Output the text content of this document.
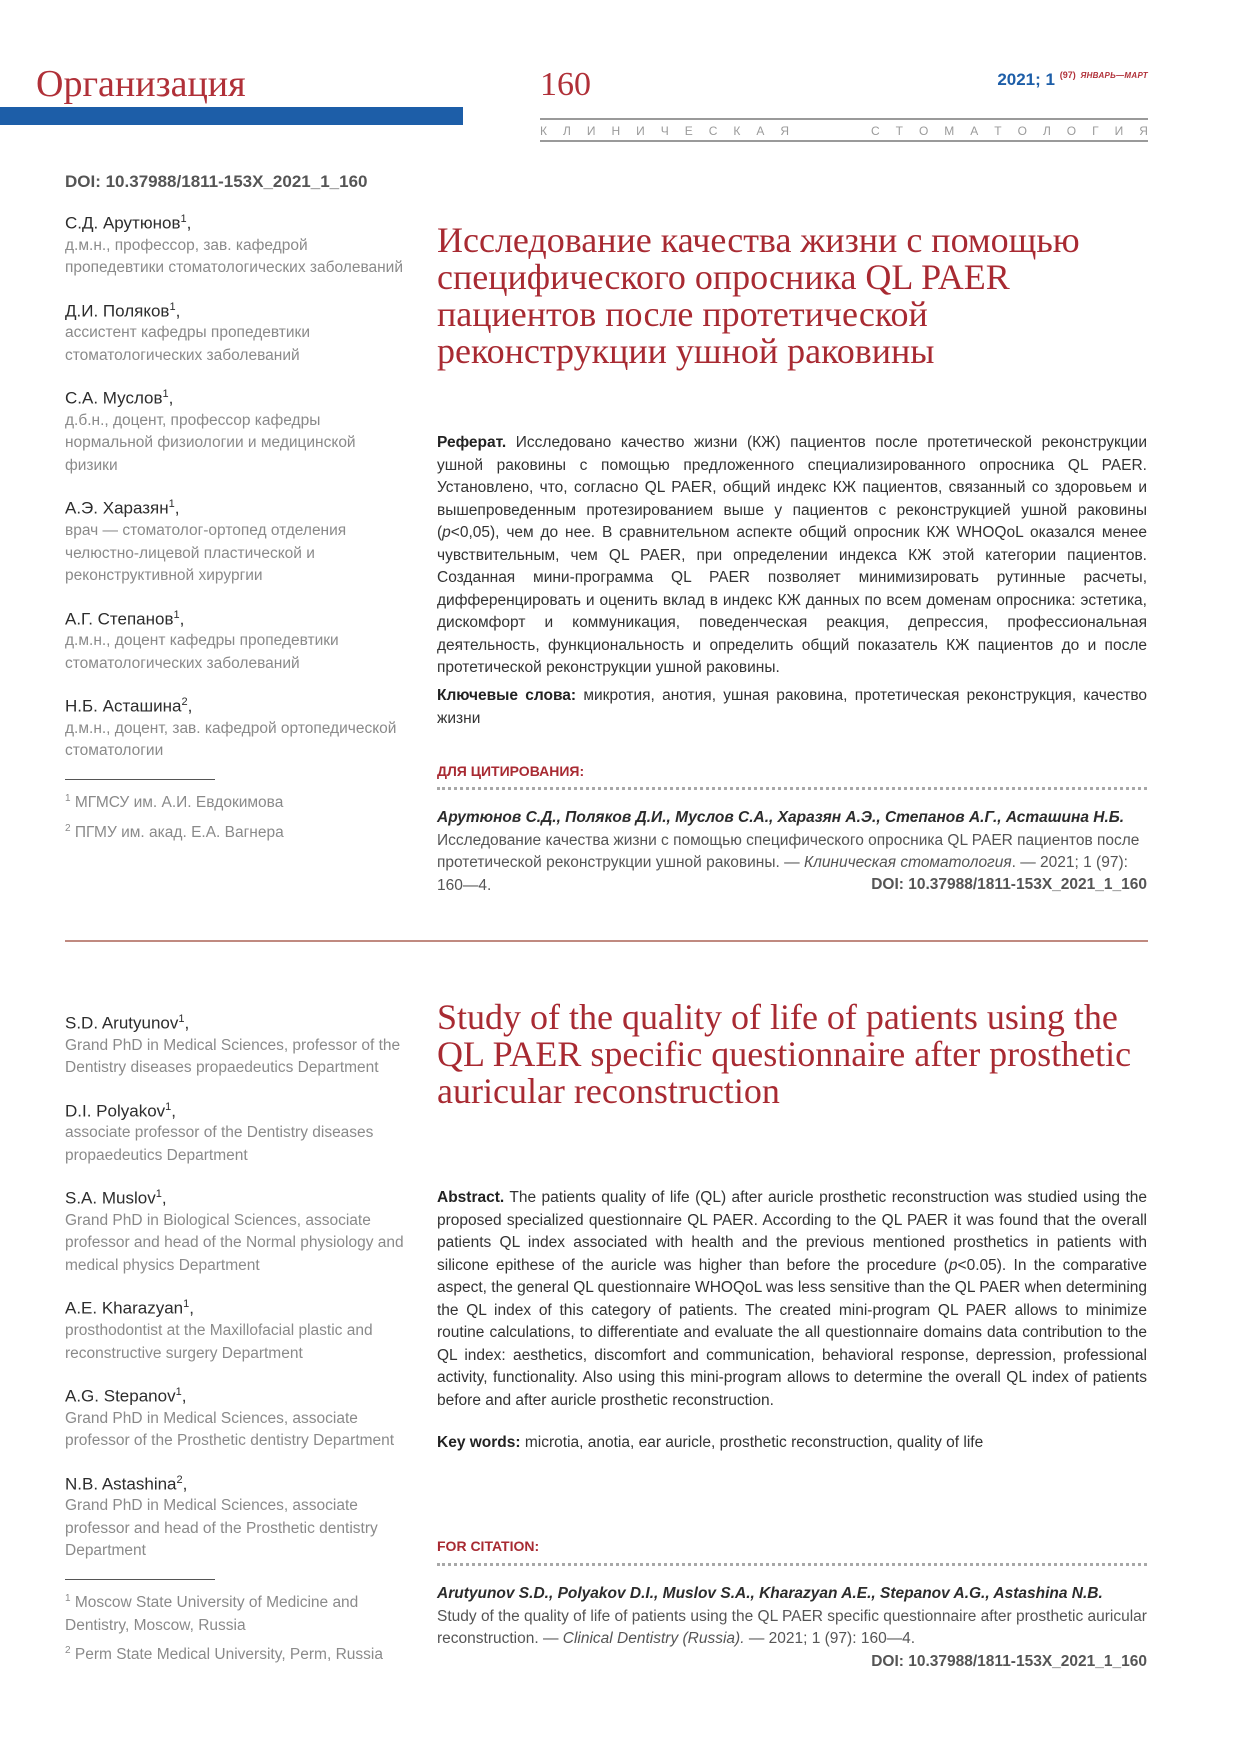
Организация	160	2021; 1 $^{(97)}$ $^{ЯНВАРЬ—МАРТ}$
К Л И Н И Ч Е С К А Я	С Т О М А Т О Л О Г И Я
DOI: 10.37988/1811-153X_2021_1_160
С.Д. Арутюнов$^1$,
д.м.н., профессор, зав. кафедрой пропедевтики стоматологических заболеваний
Д.И. Поляков$^1$,
ассистент кафедры пропедевтики стоматологических заболеваний
С.А. Муслов$^1$,
д.б.н., доцент, профессор кафедры нормальной физиологии и медицинской физики
А.Э. Харазян$^1$,
врач — стоматолог-ортопед отделения челюстно-лицевой пластической и реконструктивной хирургии
А.Г. Степанов$^1$,
д.м.н., доцент кафедры пропедевтики стоматологических заболеваний
Н.Б. Асташина$^2$,
д.м.н., доцент, зав. кафедрой ортопедической стоматологии
$^1$ МГМСУ им. А.И. Евдокимова
$^2$ ПГМУ им. акад. Е.А. Вагнера
Исследование качества жизни с помощью специфического опросника QL PAER пациентов после протетической реконструкции ушной раковины
Реферат. Исследовано качество жизни (КЖ) пациентов после протетической реконструкции ушной раковины с помощью предложенного специализированного опросника QL PAER. Установлено, что, согласно QL PAER, общий индекс КЖ пациентов, связанный со здоровьем и вышепроведенным протезированием выше у пациентов с реконструкцией ушной раковины (p<0,05), чем до нее. В сравнительном аспекте общий опросник КЖ WHOQoL оказался менее чувствительным, чем QL PAER, при определении индекса КЖ этой категории пациентов. Созданная мини-программа QL PAER позволяет минимизировать рутинные расчеты, дифференцировать и оценить вклад в индекс КЖ данных по всем доменам опросника: эстетика, дискомфорт и коммуникация, поведенческая реакция, депрессия, профессиональная деятельность, функциональность и определить общий показатель КЖ пациентов до и после протетической реконструкции ушной раковины.
Ключевые слова: микротия, анотия, ушная раковина, протетическая реконструкция, качество жизни
ДЛЯ ЦИТИРОВАНИЯ:
Арутюнов С.Д., Поляков Д.И., Муслов С.А., Харазян А.Э., Степанов А.Г., Асташина Н.Б.
Исследование качества жизни с помощью специфического опросника QL PAER пациентов после протетической реконструкции ушной раковины. — Клиническая стоматология. — 2021; 1 (97): 160—4.	DOI: 10.37988/1811-153X_2021_1_160
S.D. Arutyunov$^1$,
Grand PhD in Medical Sciences, professor of the Dentistry diseases propaedeutics Department
D.I. Polyakov$^1$,
associate professor of the Dentistry diseases propaedeutics Department
S.A. Muslov$^1$,
Grand PhD in Biological Sciences, associate professor and head of the Normal physiology and medical physics Department
A.E. Kharazyan$^1$,
prosthodontist at the Maxillofacial plastic and reconstructive surgery Department
A.G. Stepanov$^1$,
Grand PhD in Medical Sciences, associate professor of the Prosthetic dentistry Department
N.B. Astashina$^2$,
Grand PhD in Medical Sciences, associate professor and head of the Prosthetic dentistry Department
$^1$ Moscow State University of Medicine and Dentistry, Moscow, Russia
$^2$ Perm State Medical University, Perm, Russia
Study of the quality of life of patients using the QL PAER specific questionnaire after prosthetic auricular reconstruction
Abstract. The patients quality of life (QL) after auricle prosthetic reconstruction was studied using the proposed specialized questionnaire QL PAER. According to the QL PAER it was found that the overall patients QL index associated with health and the previous mentioned prosthetics in patients with silicone epithese of the auricle was higher than before the procedure (p<0.05). In the comparative aspect, the general QL questionnaire WHOQoL was less sensitive than the QL PAER when determining the QL index of this category of patients. The created mini-program QL PAER allows to minimize routine calculations, to differentiate and evaluate the all questionnaire domains data contribution to the QL index: aesthetics, discomfort and communication, behavioral response, depression, professional activity, functionality. Also using this mini-program allows to determine the overall QL index of patients before and after auricle prosthetic reconstruction.
Key words: microtia, anotia, ear auricle, prosthetic reconstruction, quality of life
FOR CITATION:
Arutyunov S.D., Polyakov D.I., Muslov S.A., Kharazyan A.E., Stepanov A.G., Astashina N.B.
Study of the quality of life of patients using the QL PAER specific questionnaire after prosthetic auricular reconstruction. — Clinical Dentistry (Russia). — 2021; 1 (97): 160—4.
DOI: 10.37988/1811-153X_2021_1_160
